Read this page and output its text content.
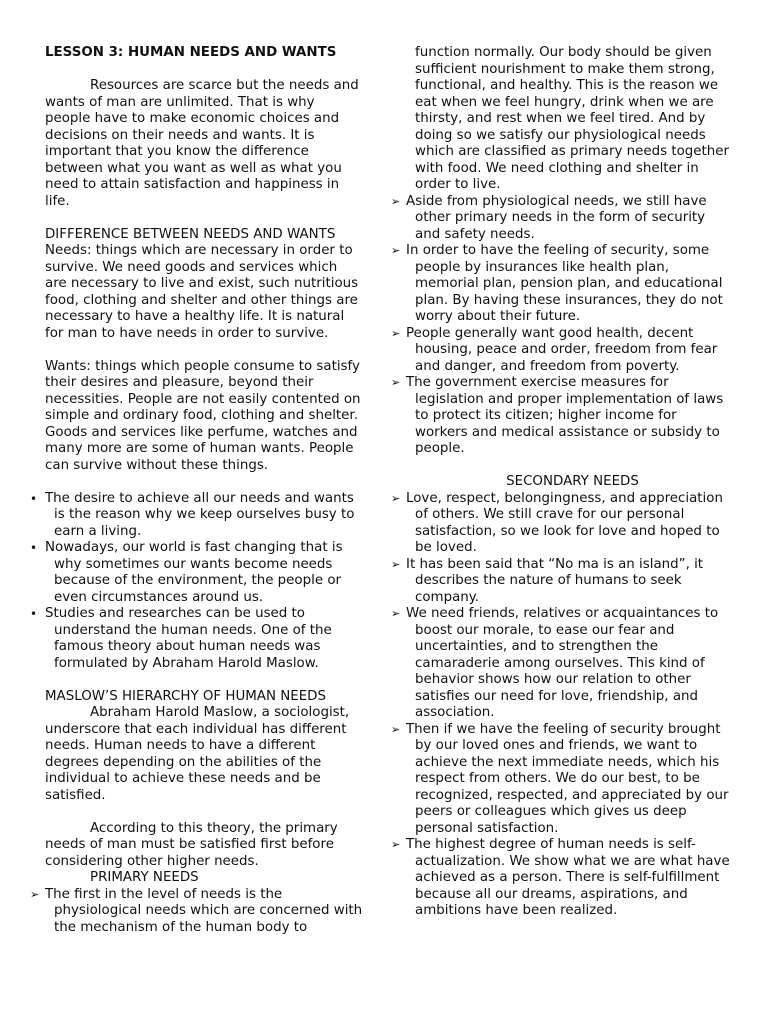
LESSON 3: HUMAN NEEDS AND WANTS

Resources are scarce but the needs and wants of man are unlimited. That is why people have to make economic choices and decisions on their needs and wants. It is important that you know the difference between what you want as well as what you need to attain satisfaction and happiness in life.

DIFFERENCE BETWEEN NEEDS AND WANTS

Needs: things which are necessary in order to survive. We need goods and services which are necessary to live and exist, such nutritious food, clothing and shelter and other things are necessary to have a healthy life. It is natural for man to have needs in order to survive.

Wants: things which people consume to satisfy their desires and pleasure, beyond their necessities. People are not easily contented on simple and ordinary food, clothing and shelter. Goods and services like perfume, watches and many more are some of human wants. People can survive without these things.

• The desire to achieve all our needs and wants is the reason why we keep ourselves busy to earn a living.
• Nowadays, our world is fast changing that is why sometimes our wants become needs because of the environment, the people or even circumstances around us.
• Studies and researches can be used to understand the human needs. One of the famous theory about human needs was formulated by Abraham Harold Maslow.

MASLOW’S HIERARCHY OF HUMAN NEEDS

Abraham Harold Maslow, a sociologist, underscore that each individual has different needs. Human needs to have a different degrees depending on the abilities of the individual to achieve these needs and be satisfied.

According to this theory, the primary needs of man must be satisfied first before considering other higher needs.

PRIMARY NEEDS

➢ The first in the level of needs is the physiological needs which are concerned with the mechanism of the human body to

function normally. Our body should be given sufficient nourishment to make them strong, functional, and healthy. This is the reason we eat when we feel hungry, drink when we are thirsty, and rest when we feel tired. And by doing so we satisfy our physiological needs which are classified as primary needs together with food. We need clothing and shelter in order to live.

➢ Aside from physiological needs, we still have other primary needs in the form of security and safety needs.
➢ In order to have the feeling of security, some people by insurances like health plan, memorial plan, pension plan, and educational plan. By having these insurances, they do not worry about their future.
➢ People generally want good health, decent housing, peace and order, freedom from fear and danger, and freedom from poverty.
➢ The government exercise measures for legislation and proper implementation of laws to protect its citizen; higher income for workers and medical assistance or subsidy to people.

SECONDARY NEEDS

➢ Love, respect, belongingness, and appreciation of others. We still crave for our personal satisfaction, so we look for love and hoped to be loved.
➢ It has been said that “No ma is an island”, it describes the nature of humans to seek company.
➢ We need friends, relatives or acquaintances to boost our morale, to ease our fear and uncertainties, and to strengthen the camaraderie among ourselves. This kind of behavior shows how our relation to other satisfies our need for love, friendship, and association.
➢ Then if we have the feeling of security brought by our loved ones and friends, we want to achieve the next immediate needs, which his respect from others. We do our best, to be recognized, respected, and appreciated by our peers or colleagues which gives us deep personal satisfaction.
➢ The highest degree of human needs is self-actualization. We show what we are what have achieved as a person. There is self-fulfillment because all our dreams, aspirations, and ambitions have been realized.
